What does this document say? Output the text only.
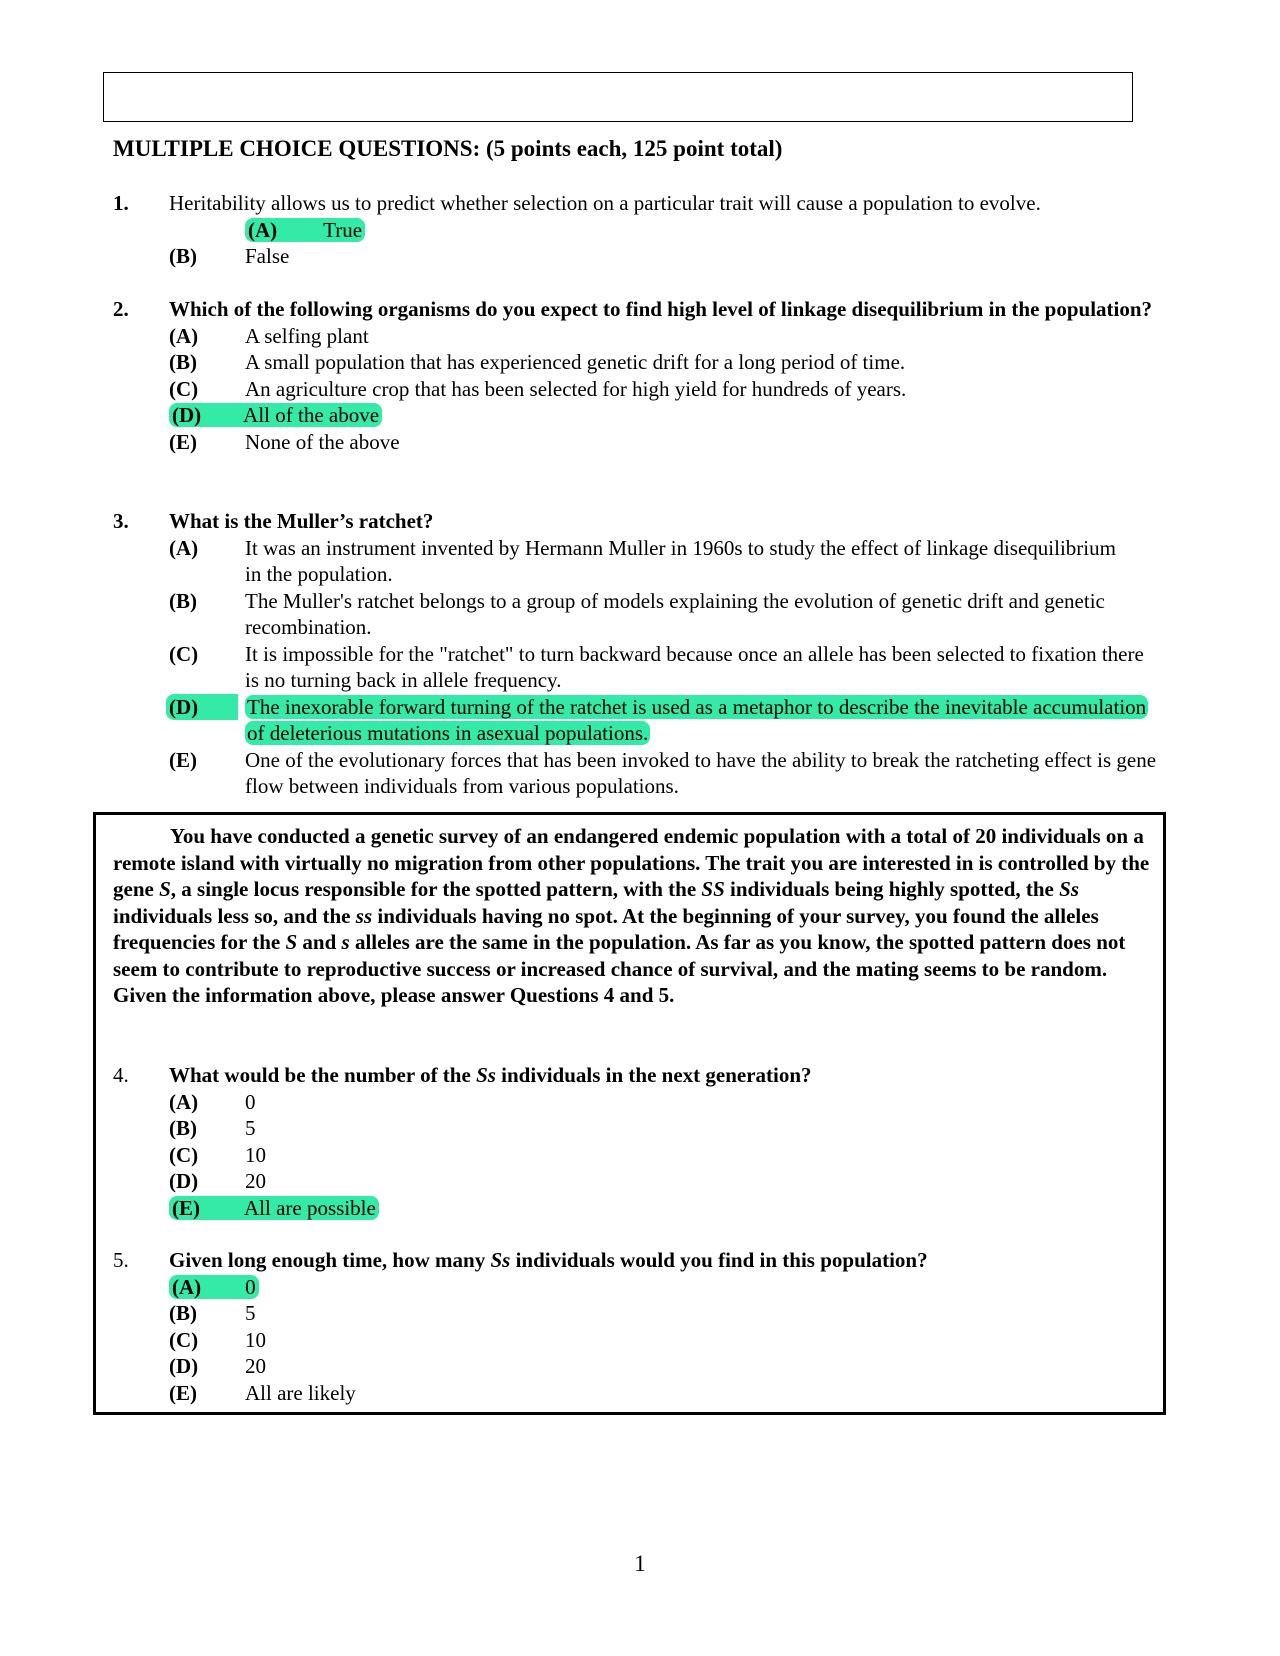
MULTIPLE CHOICE QUESTIONS: (5 points each, 125 point total)
1.	Heritability allows us to predict whether selection on a particular trait will cause a population to evolve.
(A) True
(B) False
2.	Which of the following organisms do you expect to find high level of linkage disequilibrium in the population?
(A) A selfing plant
(B) A small population that has experienced genetic drift for a long period of time.
(C) An agriculture crop that has been selected for high yield for hundreds of years.
(D) All of the above
(E) None of the above
3.	What is the Muller’s ratchet?
(A) It was an instrument invented by Hermann Muller in 1960s to study the effect of linkage disequilibrium in the population.
(B) The Muller's ratchet belongs to a group of models explaining the evolution of genetic drift and genetic recombination.
(C) It is impossible for the "ratchet" to turn backward because once an allele has been selected to fixation there is no turning back in allele frequency.
(D)	The inexorable forward turning of the ratchet is used as a metaphor to describe the inevitable accumulation of deleterious mutations in asexual populations.
(E) One of the evolutionary forces that has been invoked to have the ability to break the ratcheting effect is gene flow between individuals from various populations.
You have conducted a genetic survey of an endangered endemic population with a total of 20 individuals on a remote island with virtually no migration from other populations. The trait you are interested in is controlled by the gene S, a single locus responsible for the spotted pattern, with the SS individuals being highly spotted, the Ss individuals less so, and the ss individuals having no spot. At the beginning of your survey, you found the alleles frequencies for the S and s alleles are the same in the population. As far as you know, the spotted pattern does not seem to contribute to reproductive success or increased chance of survival, and the mating seems to be random. Given the information above, please answer Questions 4 and 5.
4.	What would be the number of the Ss individuals in the next generation?
(A) 0
(B) 5
(C) 10
(D) 20
(E) All are possible
5.	Given long enough time, how many Ss individuals would you find in this population?
(A) 0
(B) 5
(C) 10
(D) 20
(E) All are likely
1
